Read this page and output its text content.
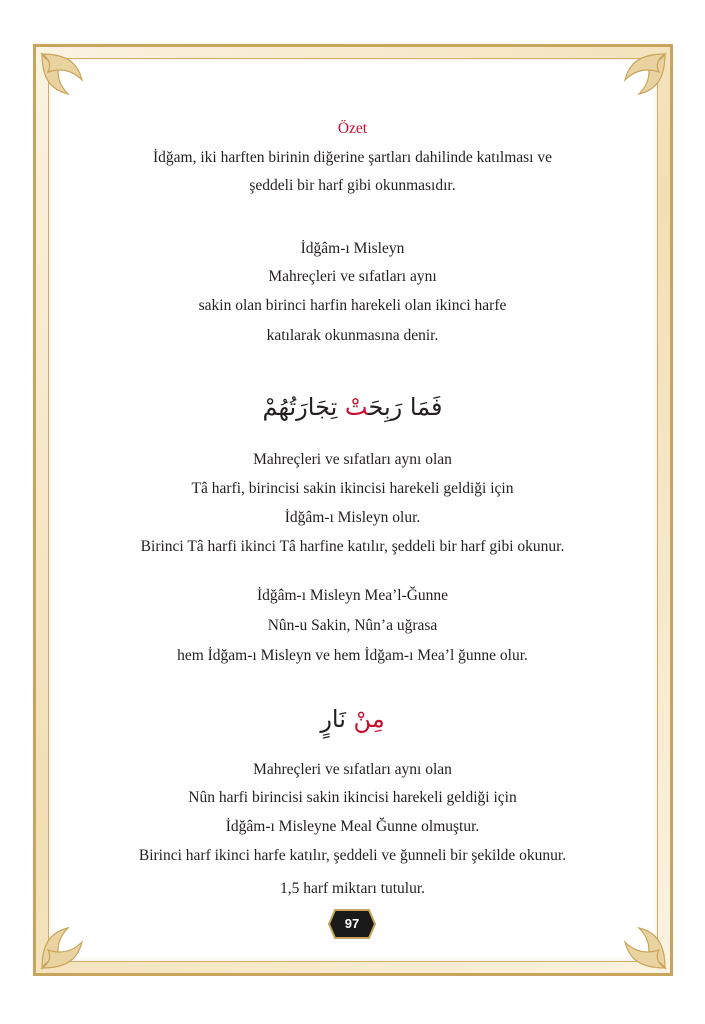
Özet
İdğam, iki harften birinin diğerine şartları dahilinde katılması ve
şeddeli bir harf gibi okunmasıdır.
İdğâm-ı Misleyn
Mahreçleri ve sıfatları aynı
sakin olan birinci harfin harekeli olan ikinci harfe
katılarak okunmasına denir.
فَمَا رَبِحَتْ تِجَارَتُهُمْ
Mahreçleri ve sıfatları aynı olan
Tâ harfi, birincisi sakin ikincisi harekeli geldiği için
İdğâm-ı Misleyn olur.
Birinci Tâ harfi ikinci Tâ harfine katılır, şeddeli bir harf gibi okunur.
İdğâm-ı Misleyn Mea’l-Ğunne
Nûn-u Sakin, Nûn’a uğrasa
hem İdğam-ı Misleyn ve hem İdğam-ı Mea’l ğunne olur.
مِنْ نَارٍ
Mahreçleri ve sıfatları aynı olan
Nûn harfi birincisi sakin ikincisi harekeli geldiği için
İdğâm-ı Misleyne Meal Ğunne olmuştur.
Birinci harf ikinci harfe katılır, şeddeli ve ğunneli bir şekilde okunur.
1,5 harf miktarı tutulur.
97
